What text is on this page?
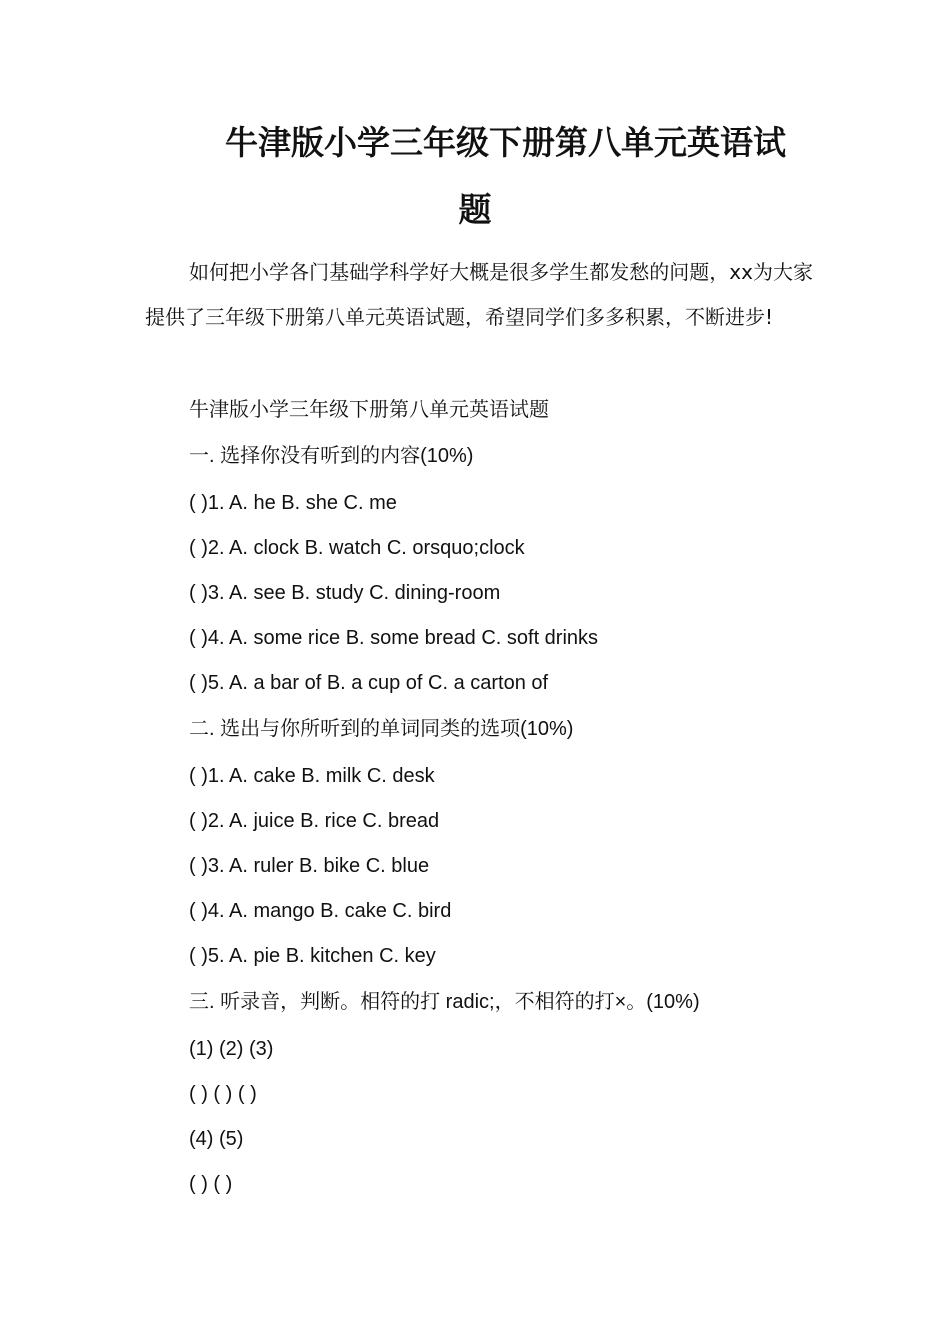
牛津版小学三年级下册第八单元英语试
题
如何把小学各门基础学科学好大概是很多学生都发愁的问题，xx为大家提供了三年级下册第八单元英语试题，希望同学们多多积累，不断进步!
牛津版小学三年级下册第八单元英语试题
一. 选择你没有听到的内容(10%)
( )1. A. he B. she C. me
( )2. A. clock B. watch C. orsquo;clock
( )3. A. see B. study C. dining-room
( )4. A. some rice B. some bread C. soft drinks
( )5. A. a bar of B. a cup of C. a carton of
二. 选出与你所听到的单词同类的选项(10%)
( )1. A. cake B. milk C. desk
( )2. A. juice B. rice C. bread
( )3. A. ruler B. bike C. blue
( )4. A. mango B. cake C. bird
( )5. A. pie B. kitchen C. key
三. 听录音，判断。相符的打 radic;，不相符的打×。(10%)
(1) (2) (3)
( ) ( ) ( )
(4) (5)
( ) ( )
